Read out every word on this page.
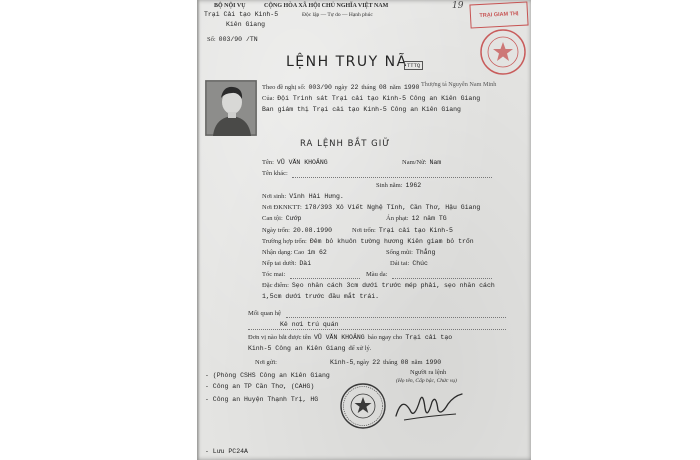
BỘ NỘI VỤ
Trại Cải tạo Kinh-5
Kiên Giang
Số: 003/90 /TN
CỘNG HÒA XÃ HỘI CHỦ NGHĨA VIỆT NAM
Độc lập — Tự do — Hạnh phúc
19
TRẠI GIAM THỊ
Thượng tá Nguyễn Nam Minh
LỆNH TRUY NÃ TTTQ
Theo đề nghị số: 003/90 ngày 22 tháng 08 năm 1990
Của: Đội Trinh sát Trại cải tạo Kinh-5 Công an Kiên Giang
Ban giám thị Trại cải tạo Kinh-5 Công an Kiên Giang
RA LỆNH BẮT GIỮ
Tên: VŨ VĂN KHOẢNG	Nam/Nữ: Nam
Tên khác:
Sinh năm: 1962
Nơi sinh: Vĩnh Hải Hưng.
Nơi ĐKNKTT: 178/393 Xô Viết Nghệ Tĩnh, Cần Thơ, Hậu Giang
Can tội: Cướp	Án phạt: 12 năm TG
Ngày trốn: 20.08.1990	Nơi trốn: Trại cải tạo Kinh-5
Trường hợp trốn: Đêm bỏ khuôn tường hương Kiên giam bỏ trốn
Nhận dạng: Cao 1m 62	Sống mũi: Thẳng
Nếp tai dưới: Dài	Dái tai: Chúc
Tóc mai:	Màu da:
Đặc điểm: Sẹo nhăn cách 3cm dưới trước mép phải, sẹo nhăn cách
1,5cm dưới trước đầu mắt trái.
Mối quan hệ
Kẻ nơi trú quán
Đơn vị nào bắt được tên VŨ VĂN KHOẢNG báo ngay cho Trại cải tạo
Kinh-5 Công an Kiên Giang để xử lý.
Nơi gửi:	Kinh-5, ngày 22 tháng 08 năm 1990
Người ra lệnh
(Họ tên, Cấp bậc, Chức vụ)
- (Phòng CSHS Công an Kiên Giang
- Công an TP Cần Thơ, (CAHG)
- Công an Huyện Thạnh Trị, HG
- Lưu PC24A
